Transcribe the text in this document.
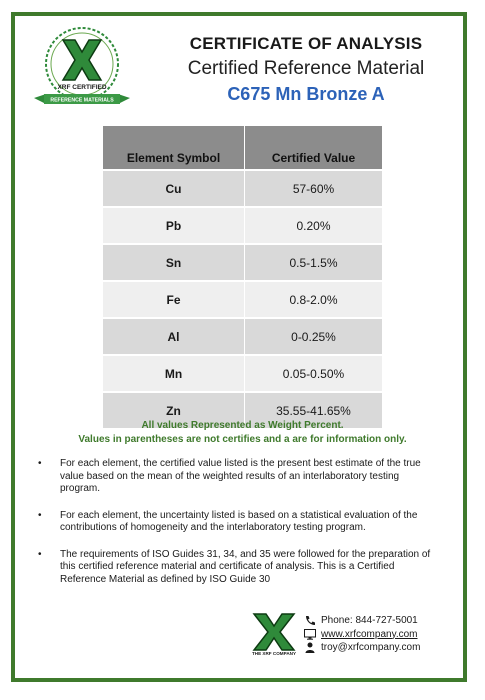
XRF CERTIFIED
REFERENCE MATERIALS
CERTIFICATE OF ANALYSIS
Certified Reference Material
C675 Mn Bronze A
Element Symbol	Certified Value
Cu	57-60%
Pb	0.20%
Sn	0.5-1.5%
Fe	0.8-2.0%
Al	0-0.25%
Mn	0.05-0.50%
Zn	35.55-41.65%
All values Represented as Weight Percent.
Values in parentheses are not certifies and a are for information only.
• For each element, the certified value listed is the present best estimate of the true value based on the mean of the weighted results of an interlaboratory testing program.
• For each element, the uncertainty listed is based on a statistical evaluation of the contributions of homogeneity and the interlaboratory testing program.
• The requirements of ISO Guides 31, 34, and 35 were followed for the preparation of this certified reference material and certificate of analysis. This is a Certified Reference Material as defined by ISO Guide 30
THE XRF COMPANY
Phone: 844-727-5001
www.xrfcompany.com
troy@xrfcompany.com
